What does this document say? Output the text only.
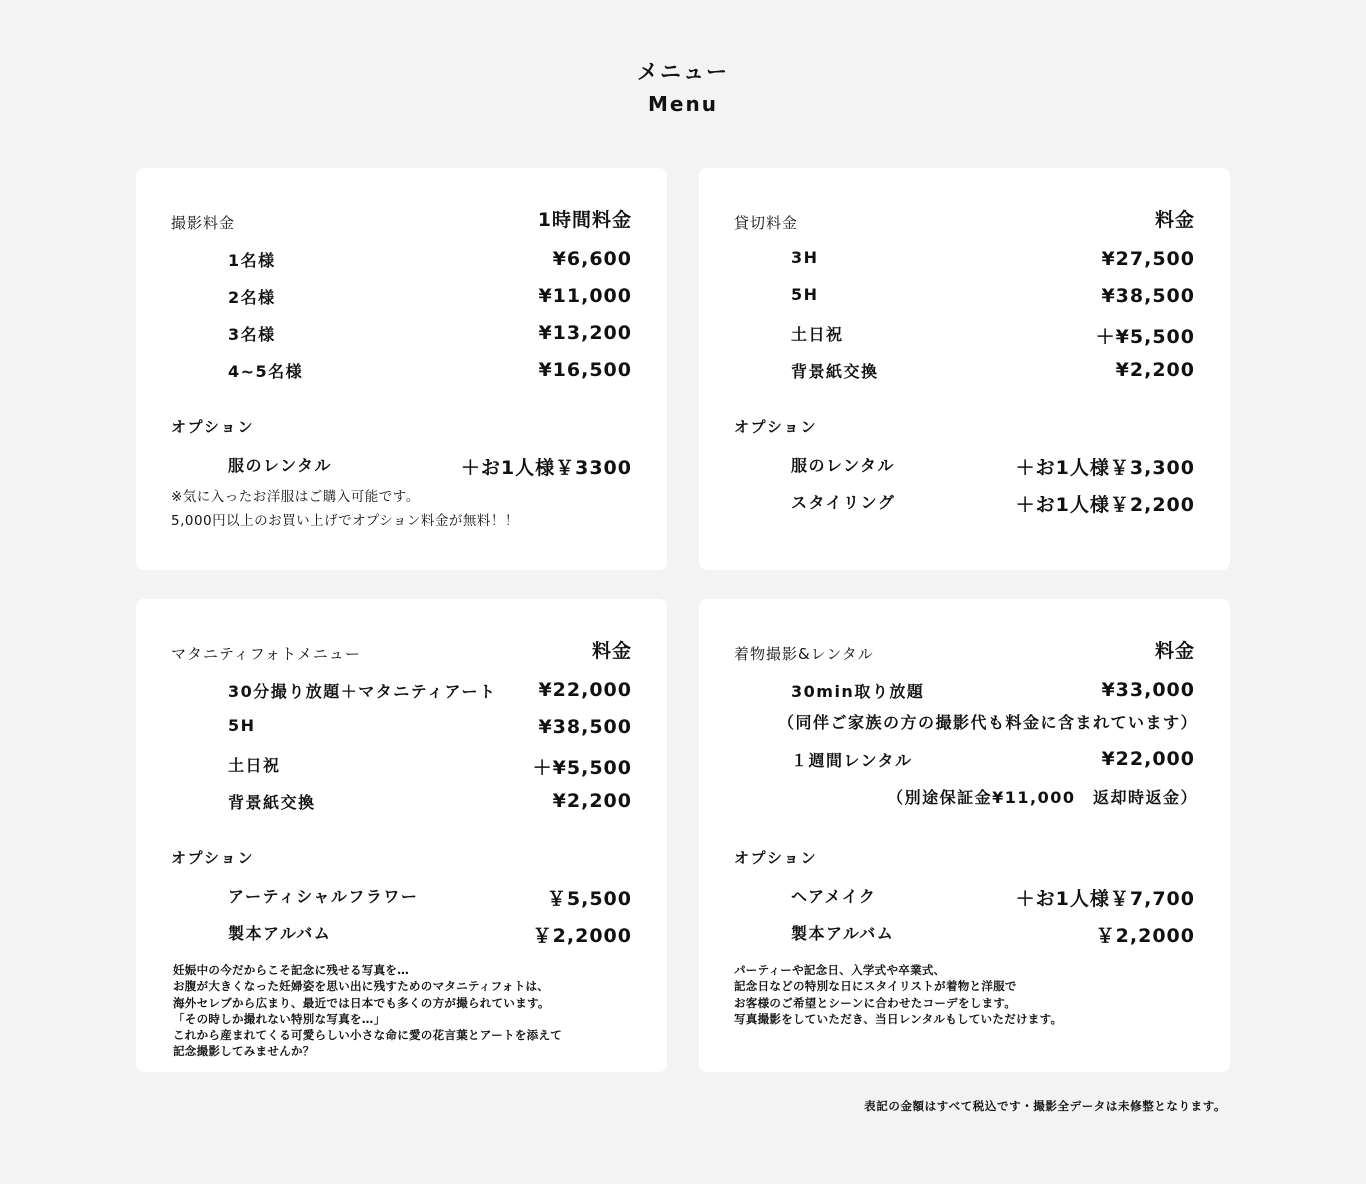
メニュー
Menu
撮影料金	1時間料金
1名様	¥6,600
2名様	¥11,000
3名様	¥13,200
4~5名様	¥16,500
オプション
服のレンタル	＋お1人様￥3300
※気に入ったお洋服はご購入可能です。
5,000円以上のお買い上げでオプション料金が無料！！
貸切料金	料金
3H	¥27,500
5H	¥38,500
土日祝	＋¥5,500
背景紙交換	¥2,200
オプション
服のレンタル	＋お1人様￥3,300
スタイリング	＋お1人様￥2,200
マタニティフォトメニュー	料金
30分撮り放題＋マタニティアート ¥22,000
5H	¥38,500
土日祝	＋¥5,500
背景紙交換	¥2,200
オプション
アーティシャルフラワー	￥5,500
製本アルバム	￥2,2000
妊娠中の今だからこそ記念に残せる写真を…
お腹が大きくなった妊婦姿を思い出に残すためのマタニティフォトは、
海外セレブから広まり、最近では日本でも多くの方が撮られています。
「その時しか撮れない特別な写真を…」
これから産まれてくる可愛らしい小さな命に愛の花言葉とアートを添えて
記念撮影してみませんか？
着物撮影&レンタル	料金
30min取り放題	¥33,000
（同伴ご家族の方の撮影代も料金に含まれています）
１週間レンタル	¥22,000
（別途保証金¥11,000　返却時返金）
オプション
ヘアメイク	＋お1人様￥7,700
製本アルバム	￥2,2000
パーティーや記念日、入学式や卒業式、
記念日などの特別な日にスタイリストが着物と洋服で
お客様のご希望とシーンに合わせたコーデをします。
写真撮影をしていただき、当日レンタルもしていただけます。
表記の金額はすべて税込です・撮影全データは未修整となります。
